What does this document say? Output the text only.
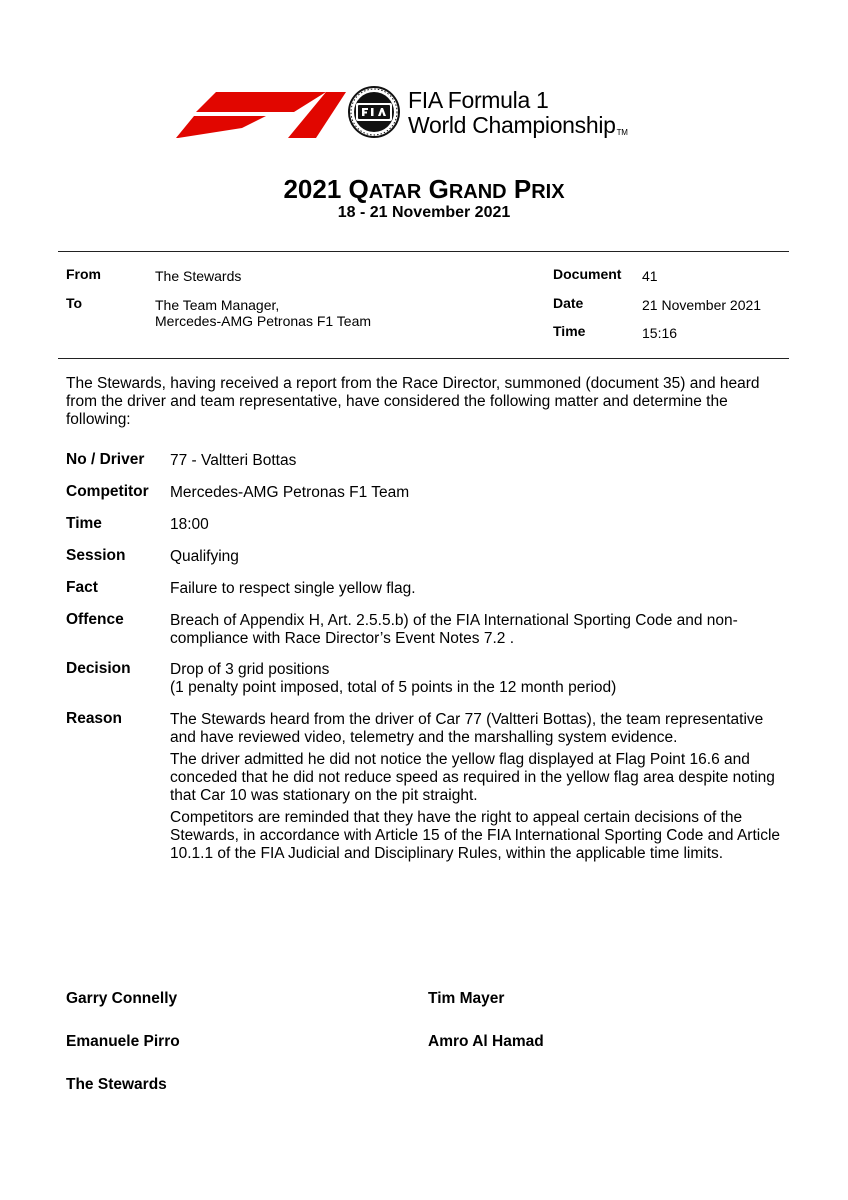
FIA Formula 1
World ChampionshipTM
2021 QATAR GRAND PRIX
18 - 21 November 2021
From	The Stewards
To	The Team Manager,
Mercedes-AMG Petronas F1 Team
Document 41
Date	21 November 2021
Time	15:16
The Stewards, having received a report from the Race Director, summoned (document 35) and heard from the driver and team representative, have considered the following matter and determine the following:
No / Driver 77 - Valtteri Bottas
Competitor Mercedes-AMG Petronas F1 Team
Time	18:00
Session	Qualifying
Fact	Failure to respect single yellow flag.
Offence	Breach of Appendix H, Art. 2.5.5.b) of the FIA International Sporting Code and non-compliance with Race Director’s Event Notes 7.2 .
Decision	Drop of 3 grid positions
(1 penalty point imposed, total of 5 points in the 12 month period)
Reason	The Stewards heard from the driver of Car 77 (Valtteri Bottas), the team representative and have reviewed video, telemetry and the marshalling system evidence.

The driver admitted he did not notice the yellow flag displayed at Flag Point 16.6 and conceded that he did not reduce speed as required in the yellow flag area despite noting that Car 10 was stationary on the pit straight.

Competitors are reminded that they have the right to appeal certain decisions of the Stewards, in accordance with Article 15 of the FIA International Sporting Code and Article 10.1.1 of the FIA Judicial and Disciplinary Rules, within the applicable time limits.

Garry Connelly	Tim Mayer
Emanuele Pirro	Amro Al Hamad
The Stewards
